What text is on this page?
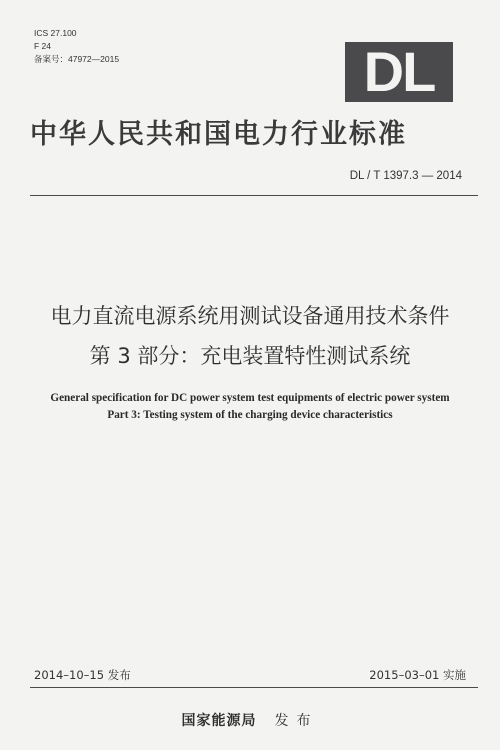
ICS 27.100
F 24
备案号：47972—2015	DL
中华人民共和国电力行业标准
DL / T 1397.3 — 2014
电力直流电源系统用测试设备通用技术条件
第 3 部分：充电装置特性测试系统
General specification for DC power system test equipments of electric power system
Part 3: Testing system of the charging device characteristics
2014–10–15 发布	2015–03–01 实施
国家能源局 发布
